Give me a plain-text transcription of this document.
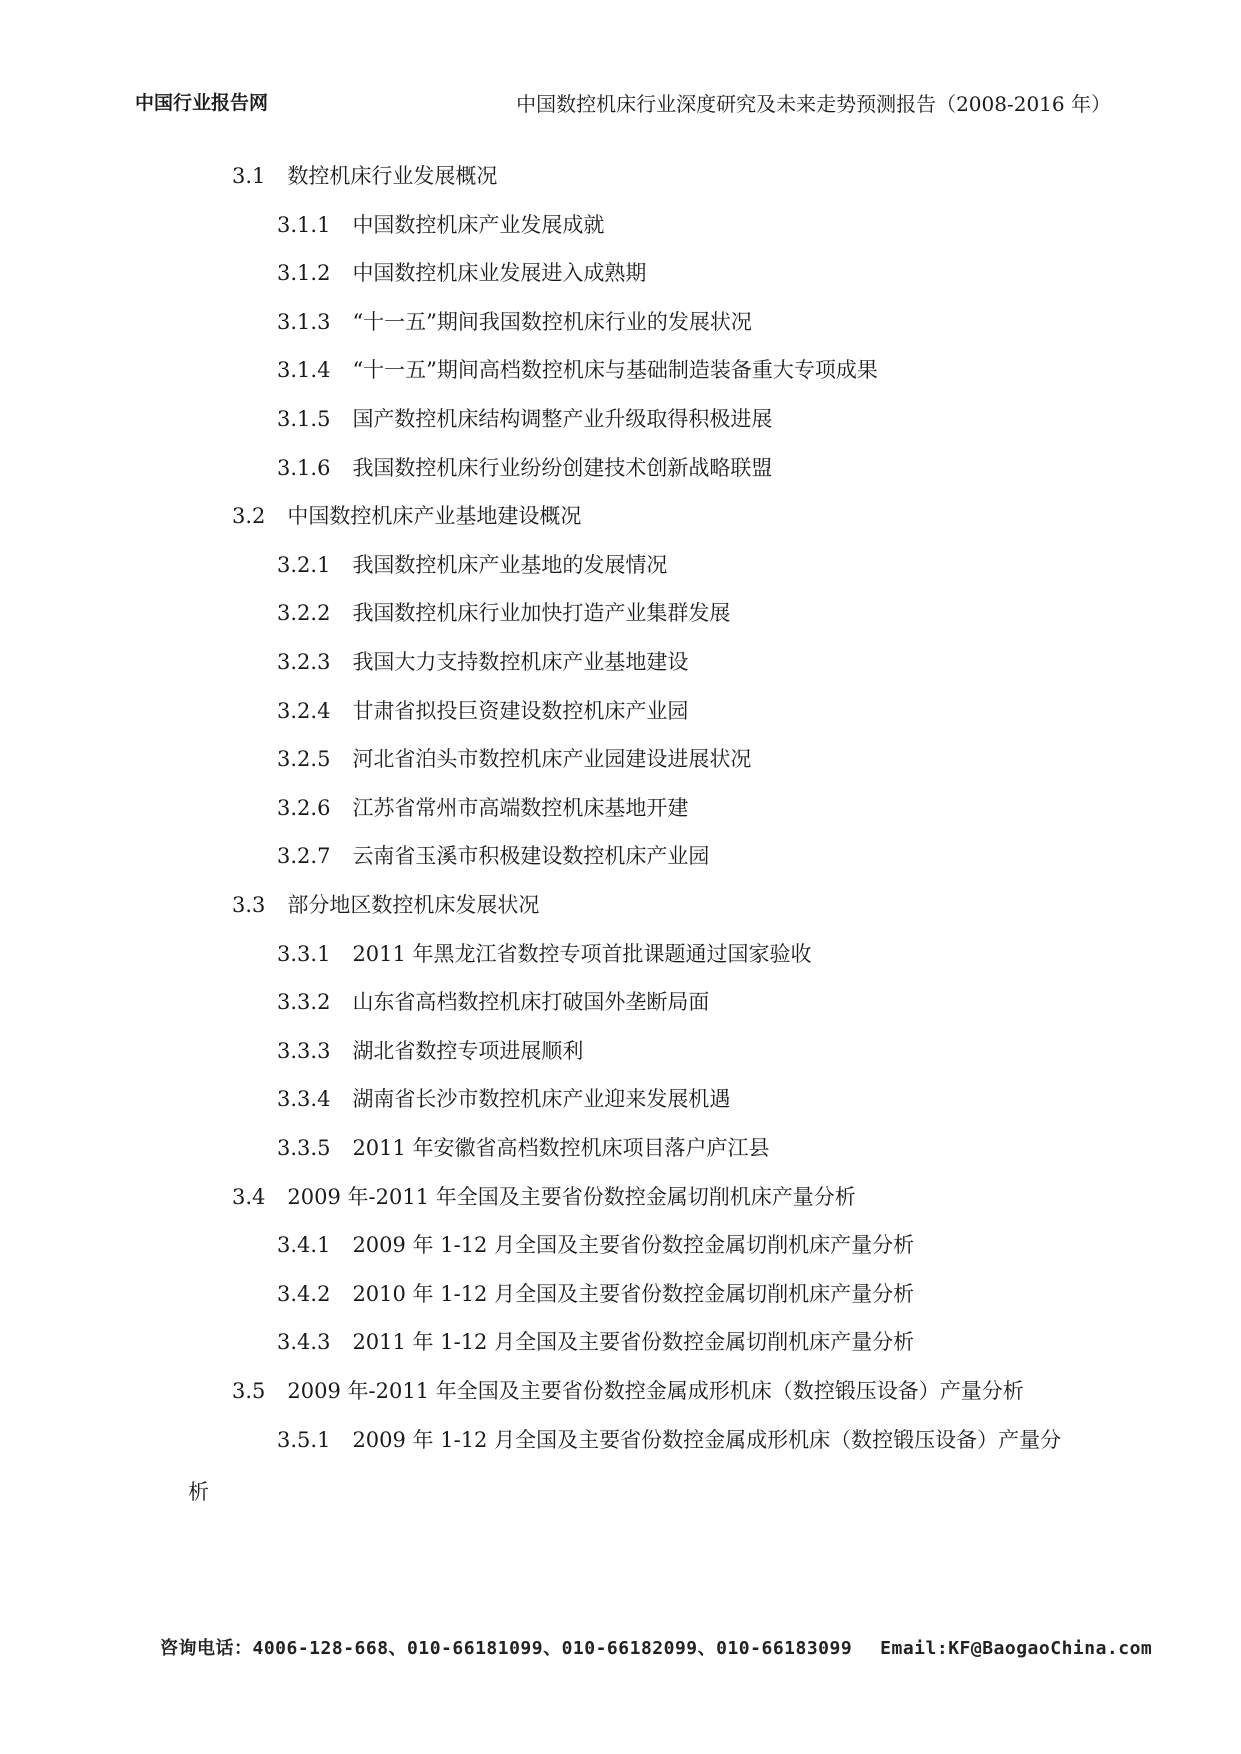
中国行业报告网	中国数控机床行业深度研究及未来走势预测报告（2008-2016 年）
3.1 数控机床行业发展概况
3.1.1 中国数控机床产业发展成就
3.1.2 中国数控机床业发展进入成熟期
3.1.3 “十一五”期间我国数控机床行业的发展状况
3.1.4 “十一五”期间高档数控机床与基础制造装备重大专项成果
3.1.5 国产数控机床结构调整产业升级取得积极进展
3.1.6 我国数控机床行业纷纷创建技术创新战略联盟
3.2 中国数控机床产业基地建设概况
3.2.1 我国数控机床产业基地的发展情况
3.2.2 我国数控机床行业加快打造产业集群发展
3.2.3 我国大力支持数控机床产业基地建设
3.2.4 甘肃省拟投巨资建设数控机床产业园
3.2.5 河北省泊头市数控机床产业园建设进展状况
3.2.6 江苏省常州市高端数控机床基地开建
3.2.7 云南省玉溪市积极建设数控机床产业园
3.3 部分地区数控机床发展状况
3.3.1 2011 年黑龙江省数控专项首批课题通过国家验收
3.3.2 山东省高档数控机床打破国外垄断局面
3.3.3 湖北省数控专项进展顺利
3.3.4 湖南省长沙市数控机床产业迎来发展机遇
3.3.5 2011 年安徽省高档数控机床项目落户庐江县
3.4 2009 年-2011 年全国及主要省份数控金属切削机床产量分析
3.4.1 2009 年 1-12 月全国及主要省份数控金属切削机床产量分析
3.4.2 2010 年 1-12 月全国及主要省份数控金属切削机床产量分析
3.4.3 2011 年 1-12 月全国及主要省份数控金属切削机床产量分析
3.5 2009 年-2011 年全国及主要省份数控金属成形机床（数控锻压设备）产量分析
3.5.1 2009 年 1-12 月全国及主要省份数控金属成形机床（数控锻压设备）产量分
析
咨询电话：4006-128-668、010-66181099、010-66182099、010-66183099 Email:KF@BaogaoChina.com
